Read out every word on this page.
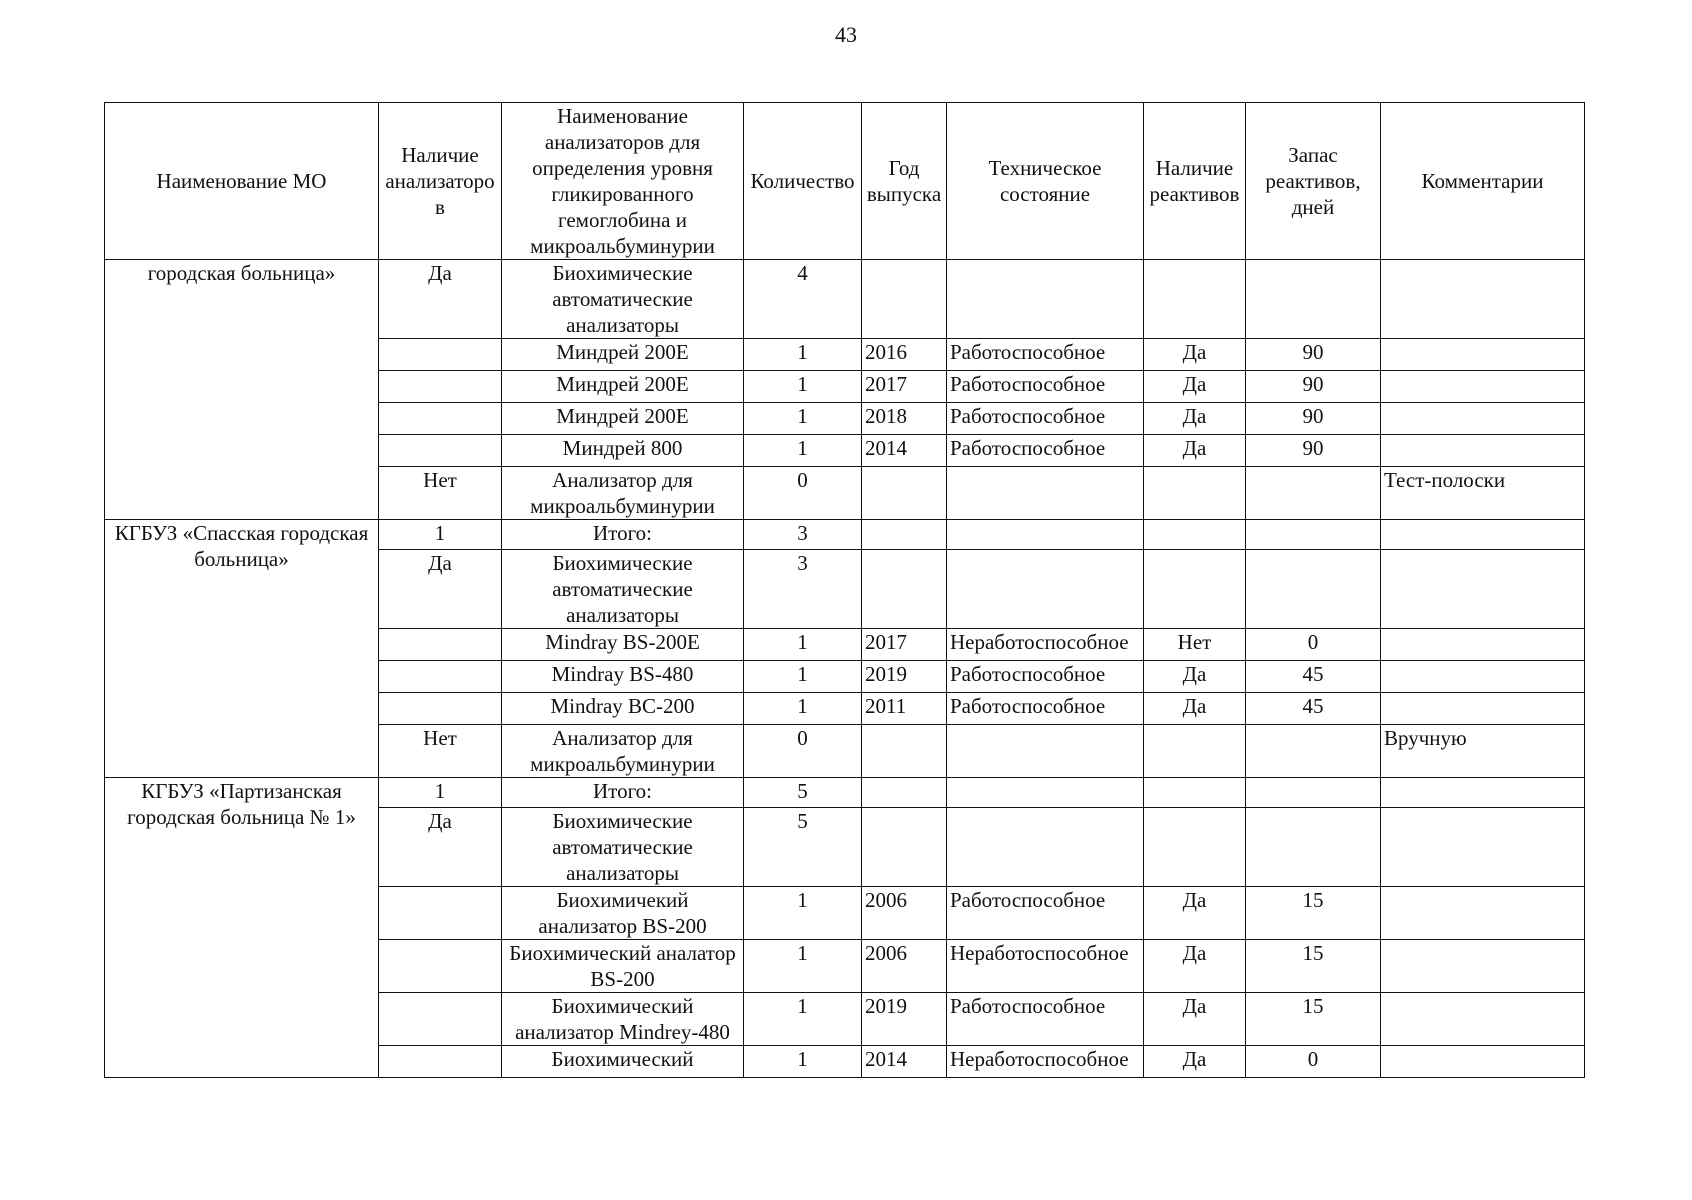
43
Наименование МО	Наличие анализаторо в	Наименование анализаторов для определения уровня гликированного гемоглобина и микроальбуминурии	Количество	Год выпуска	Техническое состояние	Наличие реактивов	Запас реактивов, дней	Комментарии
городская больница»	Да	Биохимические автоматические анализаторы	4					
		Миндрей 200Е	1	2016	Работоспособное	Да	90	
		Миндрей 200Е	1	2017	Работоспособное	Да	90	
		Миндрей 200Е	1	2018	Работоспособное	Да	90	
		Миндрей 800	1	2014	Работоспособное	Да	90	
	Нет	Анализатор для микроальбуминурии	0					Тест-полоски
КГБУЗ «Спасская городская больница»	1	Итого:	3					
	Да	Биохимические автоматические анализаторы	3					
		Mindray BS-200E	1	2017	Неработоспособное	Нет	0	
		Mindray BS-480	1	2019	Работоспособное	Да	45	
		Mindray BC-200	1	2011	Работоспособное	Да	45	
	Нет	Анализатор для микроальбуминурии	0					Вручную
КГБУЗ «Партизанская городская больница № 1»	1	Итого:	5					
	Да	Биохимические автоматические анализаторы	5					
		Биохимичекий анализатор BS-200	1	2006	Работоспособное	Да	15	
		Биохимический аналатор BS-200	1	2006	Неработоспособное	Да	15	
		Биохимический анализатор Mindrey-480	1	2019	Работоспособное	Да	15	
		Биохимический	1	2014	Неработоспособное	Да	0	
